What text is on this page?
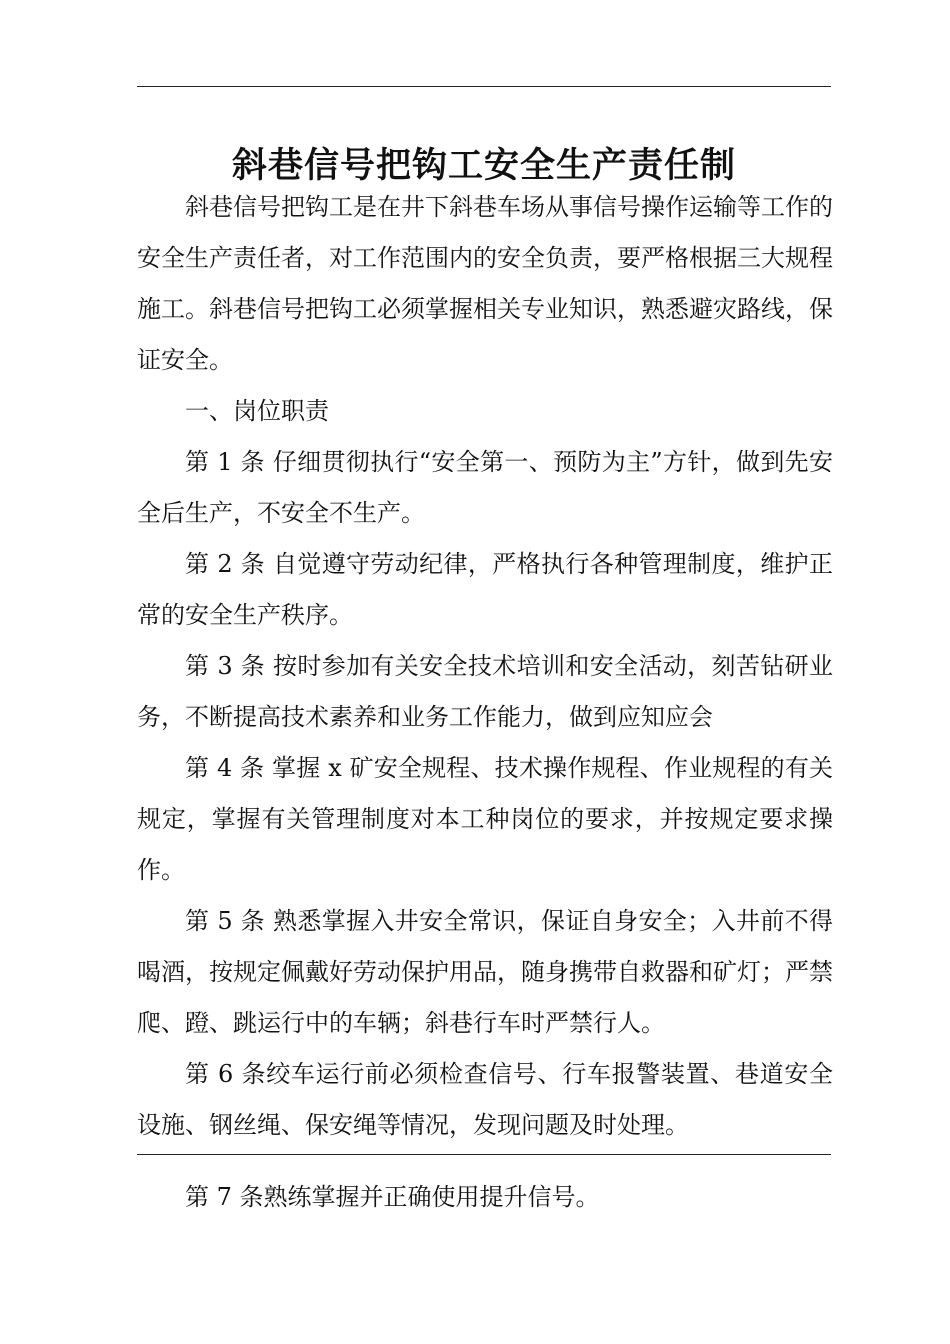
斜巷信号把钩工安全生产责任制

斜巷信号把钩工是在井下斜巷车场从事信号操作运输等工作的安全生产责任者，对工作范围内的安全负责，要严格根据三大规程施工。斜巷信号把钩工必须掌握相关专业知识，熟悉避灾路线，保证安全。

一、岗位职责

第 1 条 仔细贯彻执行“安全第一、预防为主”方针，做到先安全后生产，不安全不生产。

第 2 条 自觉遵守劳动纪律，严格执行各种管理制度，维护正常的安全生产秩序。

第 3 条 按时参加有关安全技术培训和安全活动，刻苦钻研业务，不断提高技术素养和业务工作能力，做到应知应会

第 4 条 掌握 x 矿安全规程、技术操作规程、作业规程的有关规定，掌握有关管理制度对本工种岗位的要求，并按规定要求操作。

第 5 条 熟悉掌握入井安全常识，保证自身安全；入井前不得喝酒，按规定佩戴好劳动保护用品，随身携带自救器和矿灯；严禁爬、蹬、跳运行中的车辆；斜巷行车时严禁行人。

第 6 条绞车运行前必须检查信号、行车报警装置、巷道安全设施、钢丝绳、保安绳等情况，发现问题及时处理。

第 7 条熟练掌握并正确使用提升信号。
